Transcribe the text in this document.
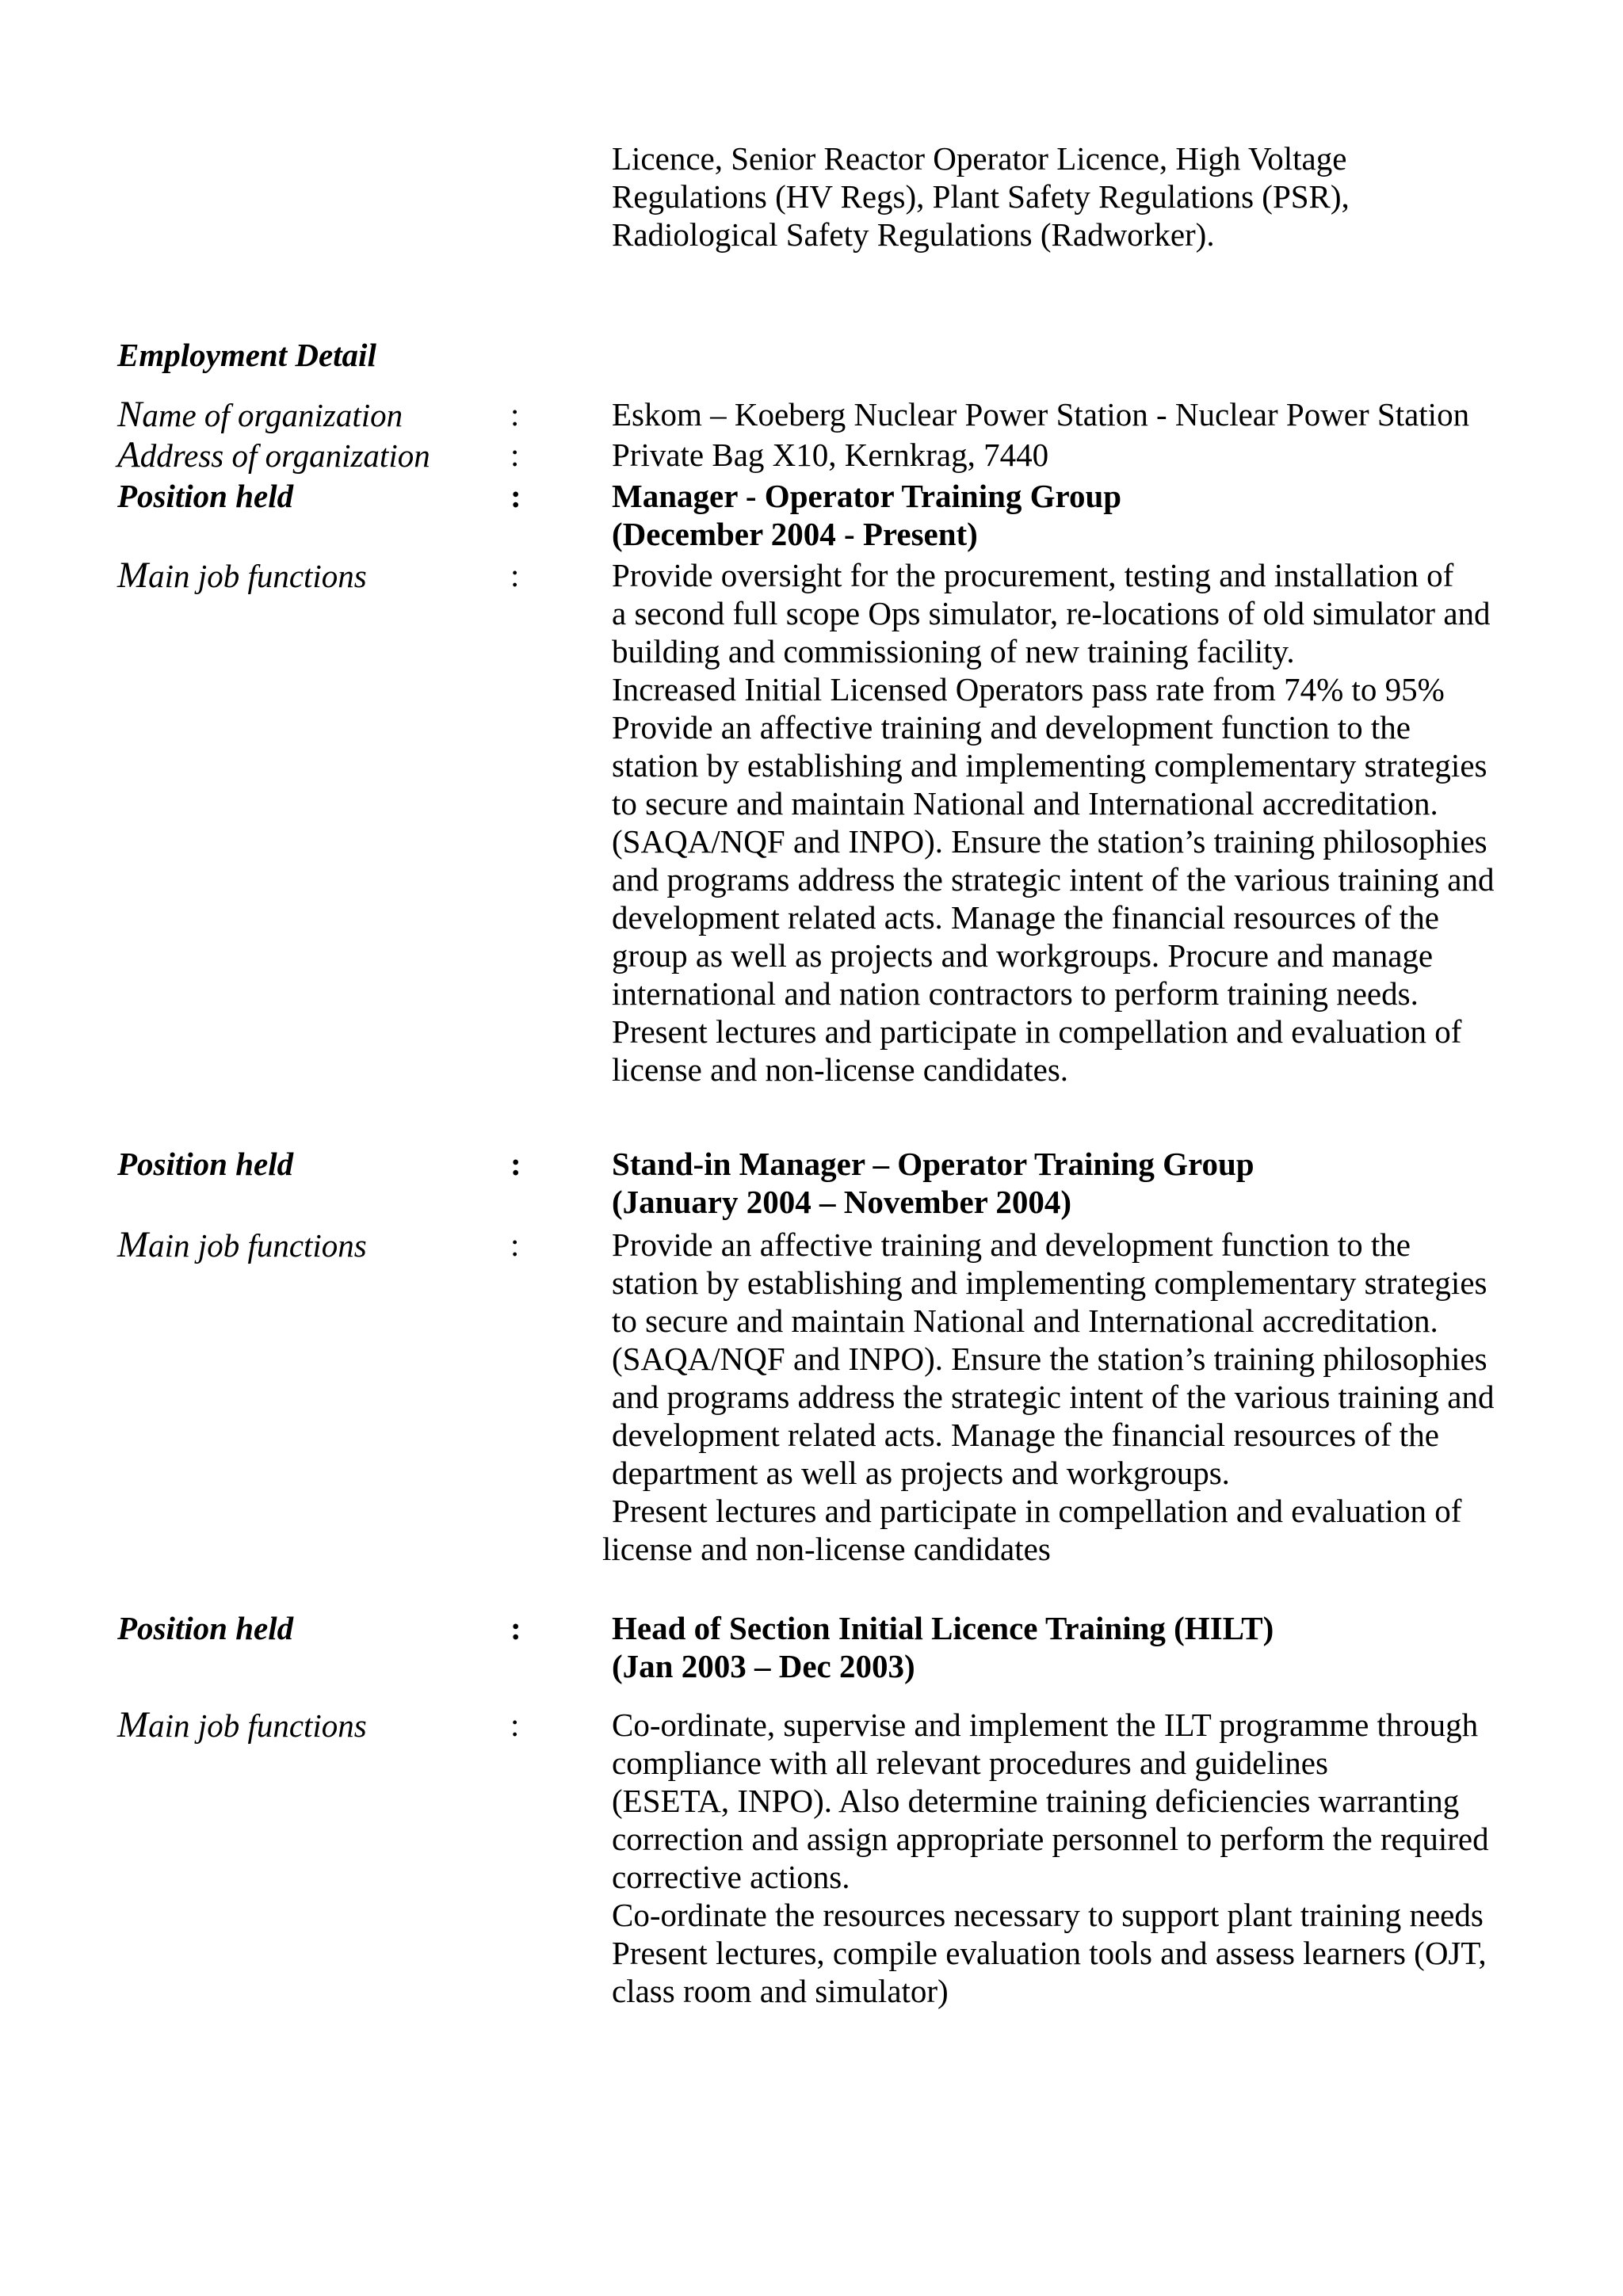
Licence, Senior Reactor Operator Licence, High Voltage
Regulations (HV Regs), Plant Safety Regulations (PSR),
Radiological Safety Regulations (Radworker).
Employment Detail
Name of organization	:	Eskom – Koeberg Nuclear Power Station - Nuclear Power Station
Address of organization :	Private Bag X10, Kernkrag, 7440
Position held	:	Manager - Operator Training Group
(December 2004 - Present)
Main job functions	:	Provide oversight for the procurement, testing and installation of
a second full scope Ops simulator, re-locations of old simulator and
building and commissioning of new training facility.
Increased Initial Licensed Operators pass rate from 74% to 95%
Provide an affective training and development function to the
station by establishing and implementing complementary strategies
to secure and maintain National and International accreditation.
(SAQA/NQF and INPO). Ensure the station’s training philosophies
and programs address the strategic intent of the various training and
development related acts. Manage the financial resources of the
group as well as projects and workgroups. Procure and manage
international and nation contractors to perform training needs.
Present lectures and participate in compellation and evaluation of
license and non-license candidates.
Position held	:	Stand-in Manager – Operator Training Group
(January 2004 – November 2004)
Main job functions	:	Provide an affective training and development function to the
station by establishing and implementing complementary strategies
to secure and maintain National and International accreditation.
(SAQA/NQF and INPO). Ensure the station’s training philosophies
and programs address the strategic intent of the various training and
development related acts. Manage the financial resources of the
department as well as projects and workgroups.
Present lectures and participate in compellation and evaluation of
license and non-license candidates
Position held	:	Head of Section Initial Licence Training (HILT)
(Jan 2003 – Dec 2003)
Main job functions	:	Co-ordinate, supervise and implement the ILT programme through
compliance with all relevant procedures and guidelines
(ESETA, INPO). Also determine training deficiencies warranting
correction and assign appropriate personnel to perform the required
corrective actions.
Co-ordinate the resources necessary to support plant training needs
Present lectures, compile evaluation tools and assess learners (OJT,
class room and simulator)
